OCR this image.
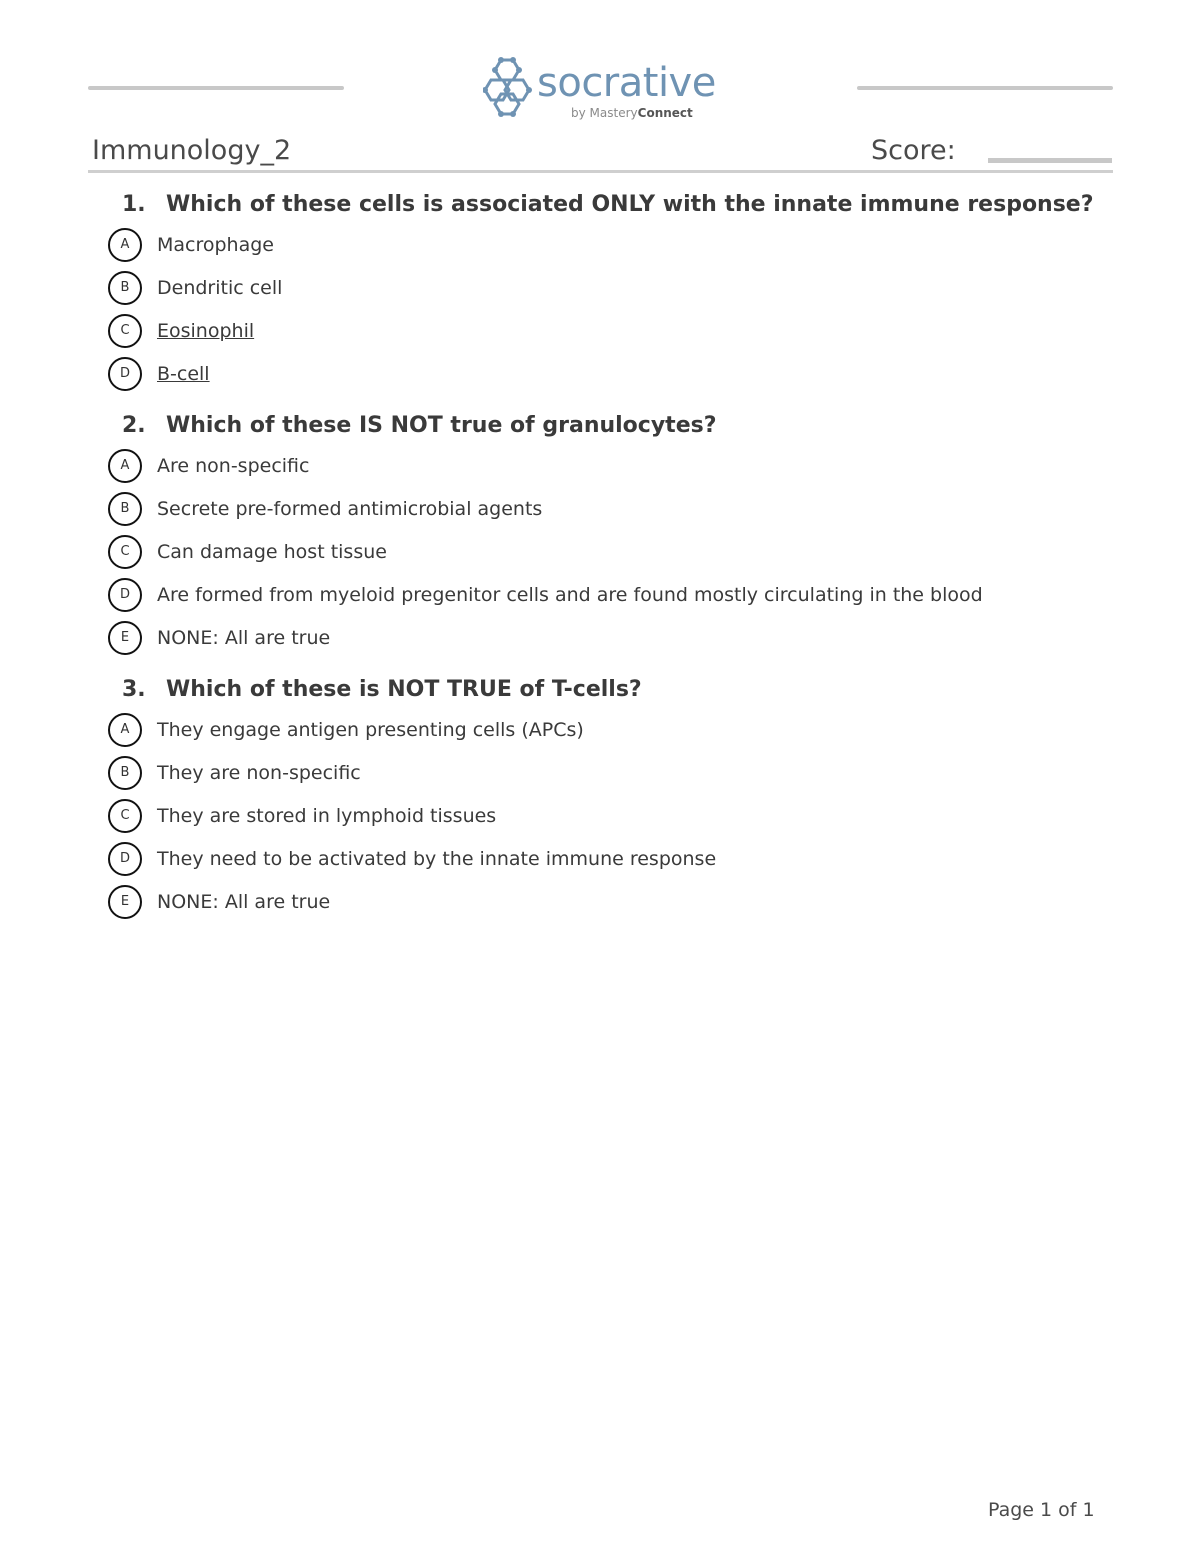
socrative
by MasteryConnect
Immunology_2	Score:
1. Which of these cells is associated ONLY with the innate immune response?
A	Macrophage
B	Dendritic cell
C	Eosinophil
D	B-cell
2. Which of these IS NOT true of granulocytes?
A	Are non-specific
B	Secrete pre-formed antimicrobial agents
C	Can damage host tissue
D	Are formed from myeloid pregenitor cells and are found mostly circulating in the blood
E	NONE: All are true
3. Which of these is NOT TRUE of T-cells?
A	They engage antigen presenting cells (APCs)
B	They are non-specific
C	They are stored in lymphoid tissues
D	They need to be activated by the innate immune response
E	NONE: All are true
Page 1 of 1
